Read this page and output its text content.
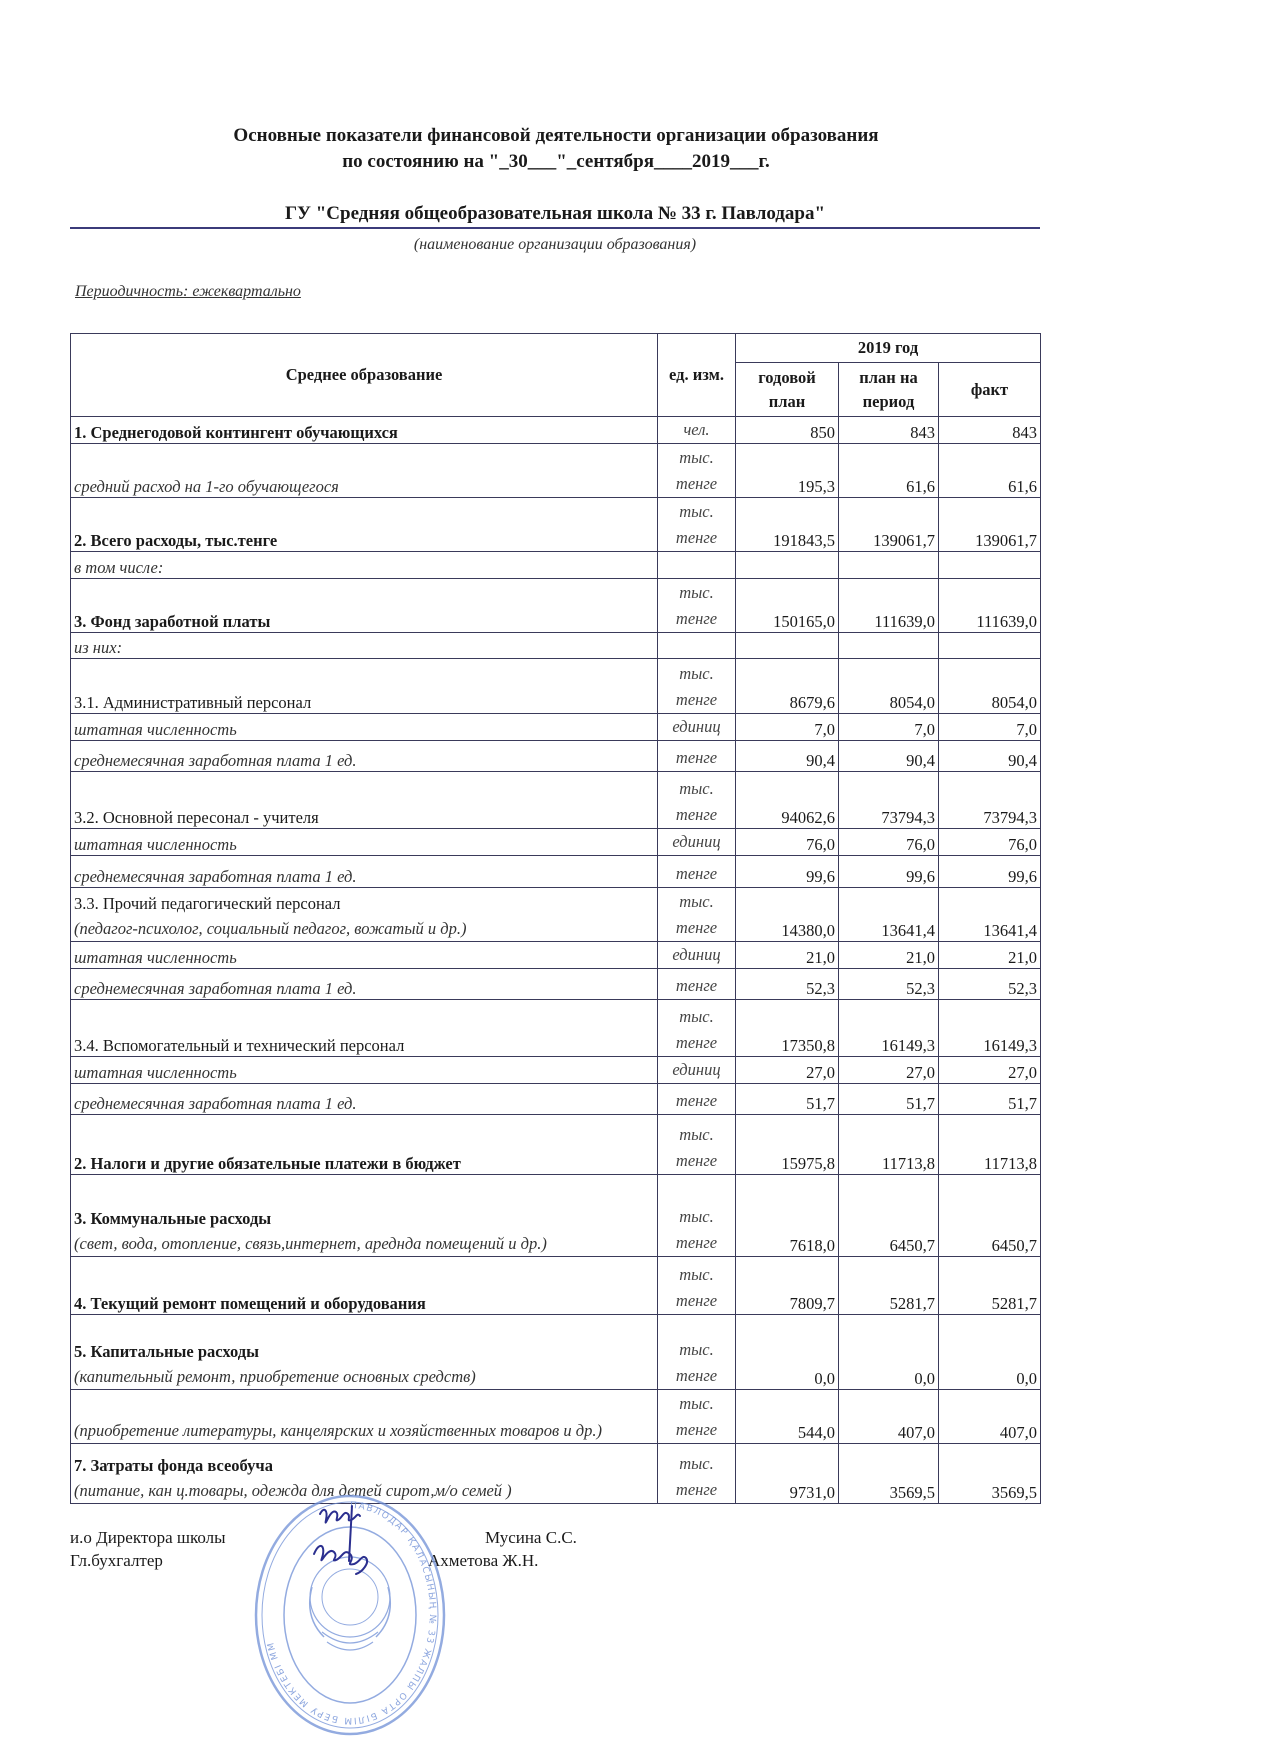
Основные показатели финансовой деятельности организации образования
по состоянию на "_30___"_сентября____2019___г.
ГУ "Средняя общеобразовательная школа № 33 г. Павлодара"
(наименование организации образования)
Периодичность: ежеквартально
Среднее образование	ед. изм.	2019 год		
		годовой план	план на период	факт

1. Среднегодовой контингент обучающихся	чел.	850	843	843

средний расход на 1-го обучающегося	тыс. тенге	195,3	61,6	61,6

2. Всего расходы, тыс.тенге	тыс. тенге	191843,5	139061,7	139061,7

в том числе:				

3. Фонд заработной платы	тыс. тенге	150165,0	111639,0	111639,0

из них:				

3.1. Административный персонал	тыс. тенге	8679,6	8054,0	8054,0

штатная численность	единиц	7,0	7,0	7,0

среднемесячная заработная плата 1 ед.	тенге	90,4	90,4	90,4

3.2. Основной пересонал - учителя	тыс. тенге	94062,6	73794,3	73794,3

штатная численность	единиц	76,0	76,0	76,0

среднемесячная заработная плата 1 ед.	тенге	99,6	99,6	99,6

3.3. Прочий педагогический персонал
(педагог-психолог, социальный педагог, вожатый и др.)	тыс. тенге	14380,0	13641,4	13641,4

штатная численность	единиц	21,0	21,0	21,0

среднемесячная заработная плата 1 ед.	тенге	52,3	52,3	52,3

3.4. Вспомогательный и технический персонал	тыс. тенге	17350,8	16149,3	16149,3

штатная численность	единиц	27,0	27,0	27,0

среднемесячная заработная плата 1 ед.	тенге	51,7	51,7	51,7

2. Налоги и другие обязательные платежи в бюджет	тыс. тенге	15975,8	11713,8	11713,8

3. Коммунальные расходы
(свет, вода, отопление, связь,интернет, аредндa помещений и др.)	тыс. тенге	7618,0	6450,7	6450,7

4. Текущий ремонт помещений и оборудования	тыс. тенге	7809,7	5281,7	5281,7

5. Капитальные расходы
(капительный ремонт, приобретение основных средств)	тыс. тенге	0,0	0,0	0,0

(приобретение литературы, канцелярских и хозяйственных товаров и др.)	тыс. тенге	544,0	407,0	407,0

7. Затраты фонда всеобуча
(питание, кан ц.товары, одежда для детей сирот,м/о семей )	тыс. тенге	9731,0	3569,5	3569,5
и.о Директора школы	Мусина С.С.
Гл.бухгалтер	Ахметова Ж.Н.
ПАВЛОДАР ҚАЛАСЫНЫҢ № 33 ЖАЛПЫ ОРТА БІЛІМ БЕРУ МЕКТЕБІ ММ
